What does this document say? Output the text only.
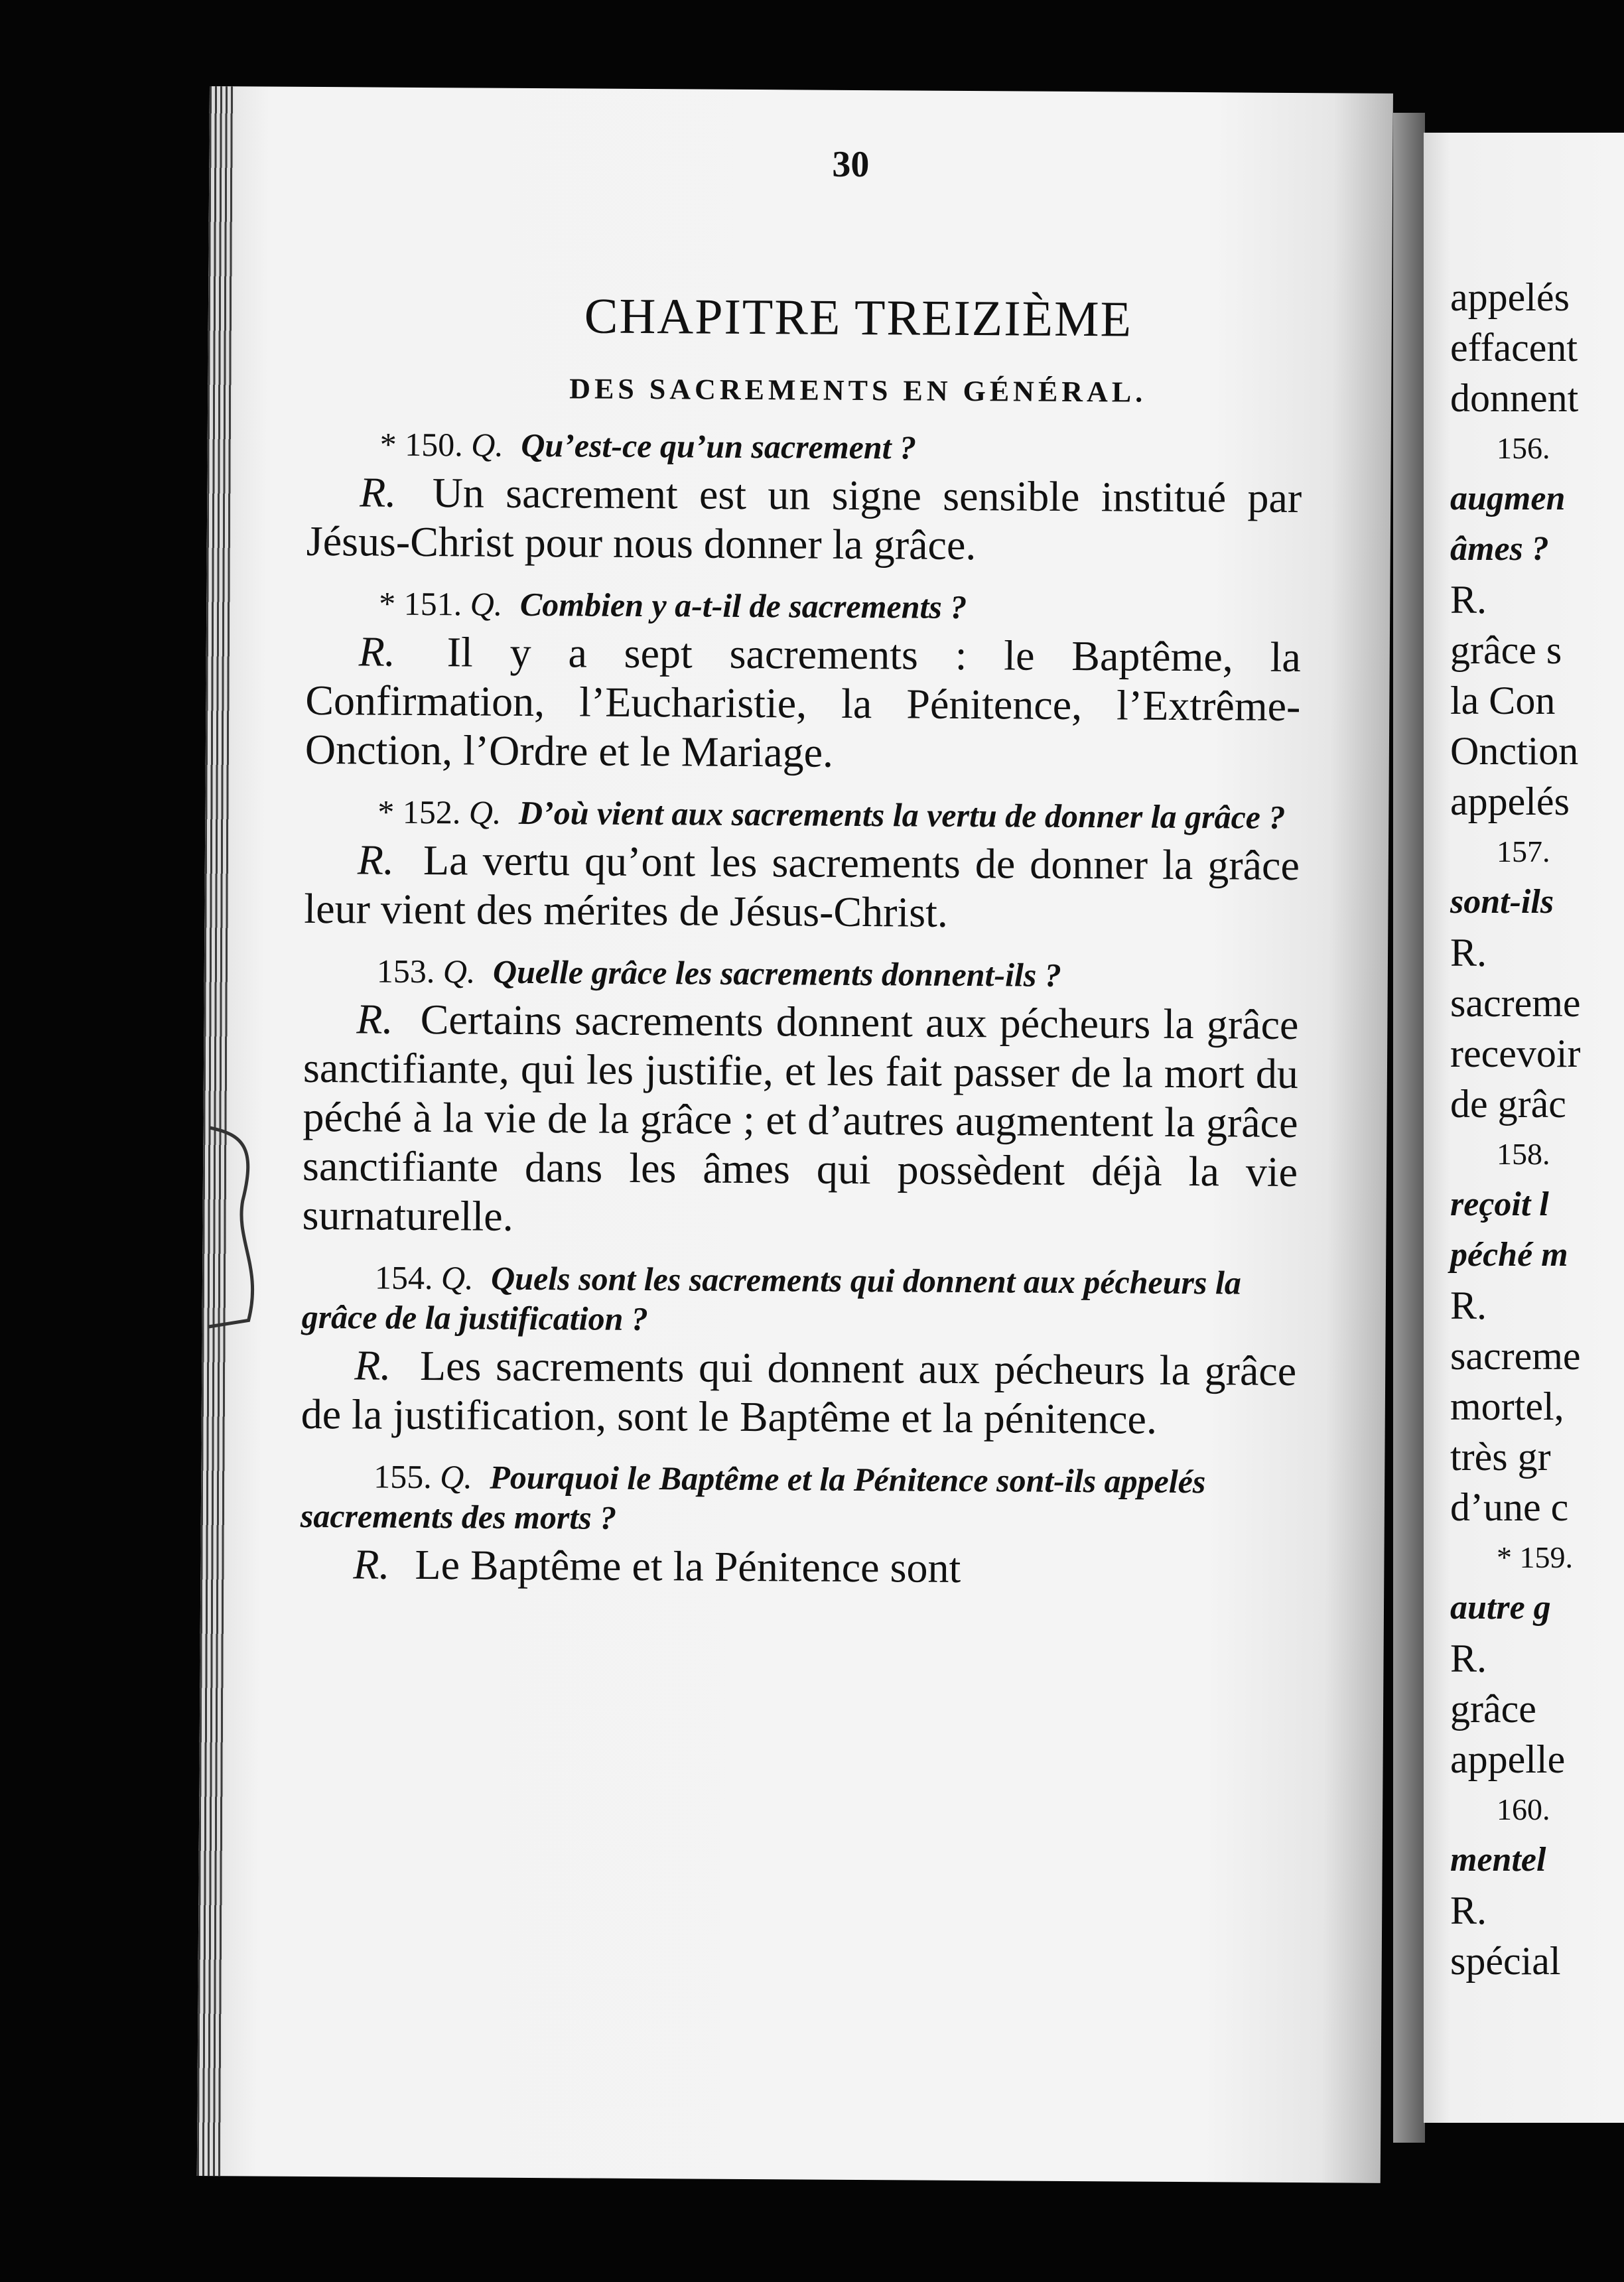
30
CHAPITRE TREIZIÈME
DES SACREMENTS EN GÉNÉRAL.

* 150. Q. Qu’est-ce qu’un sacrement ?

R. Un sacrement est un signe sensible institué par Jésus-Christ pour nous donner la grâce.

* 151. Q. Combien y a-t-il de sacrements ?

R. Il y a sept sacrements : le Baptême, la Confirmation, l’Eucharistie, la Pénitence, l’Extrême-Onction, l’Ordre et le Mariage.

* 152. Q. D’où vient aux sacrements la vertu de donner la grâce ?

R. La vertu qu’ont les sacrements de donner la grâce leur vient des mérites de Jésus-Christ.

153. Q. Quelle grâce les sacrements donnent-ils ?

R. Certains sacrements donnent aux pécheurs la grâce sanctifiante, qui les justifie, et les fait passer de la mort du péché à la vie de la grâce ; et d’autres augmentent la grâce sanctifiante dans les âmes qui possèdent déjà la vie surnaturelle.

154. Q. Quels sont les sacrements qui donnent aux pécheurs la grâce de la justification ?

R. Les sacrements qui donnent aux pécheurs la grâce de la justification, sont le Baptême et la pénitence.

155. Q. Pourquoi le Baptême et la Pénitence sont-ils appelés sacrements des morts ?

R. Le Baptême et la Pénitence sont

appelés
effacent
donnent
156.
augmen
âmes ?
R.
grâce s
la Con
Onction
appelés
157.
sont-ils
R.
sacreme
recevoir
de grâc
158.
reçoit l
péché m
R.
sacreme
mortel,
très gr
d’une c
* 159.
autre g
R.
grâce
appelle
160.
mentel
R.
spécial
